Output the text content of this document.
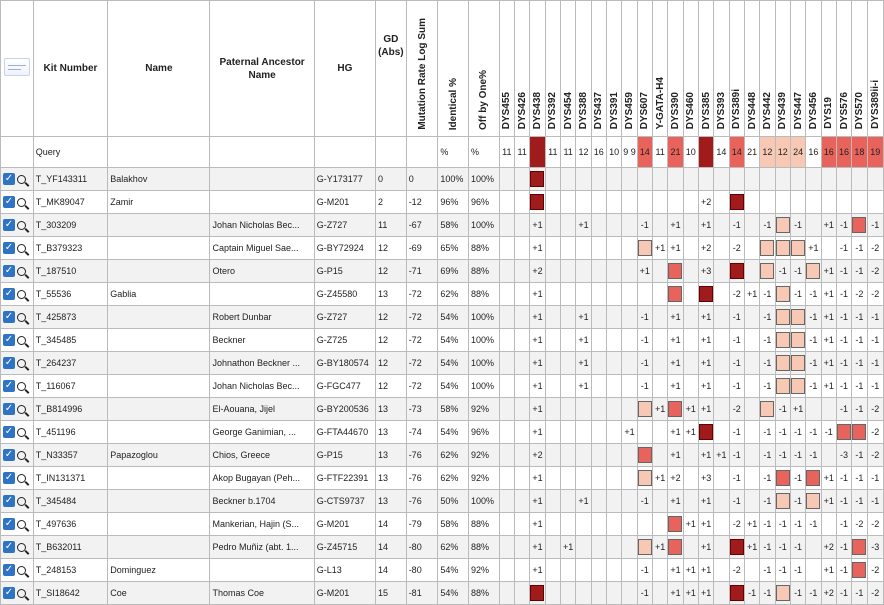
	Kit Number	Name	Paternal Ancestor Name	HG	GD (Abs)	Mutation Rate Log Sum	Identical %	Off by One%	DYS455	DYS426	DYS438	DYS392	DYS454	DYS388	DYS437	DYS391	DYS459	DYS607	Y-GATA-H4	DYS390	DYS460	DYS385	DYS393	DYS389i	DYS448	DYS442	DYS439	DYS447	DYS456	DYS19	DYS576	DYS570	DYS389ii-i
	Query						%	%	11	11		11	11	12	16	10	9 9	14	11	21	10		14	14	21	12	12	24	16	16	16	18	19
✓	T_YF143311	Balakhov		G-Y173177	0	0	100%	100%																									
✓	T_MK89047	Zamir		G-M201	2	-12	96%	96%														+2											
✓	T_303209		Johan Nicholas Bec...	G-Z727	11	-67	58%	100%			+1			+1				-1		+1		+1		-1		-1		-1		+1	-1		-1
✓	T_B379323		Captain Miguel Sae...	G-BY72924	12	-69	65%	88%			+1								+1	+1		+2		-2					+1		-1	-1	-2
✓	T_187510		Otero	G-P15	12	-71	69%	88%			+2							+1				+3					-1	-1		+1	-1	-1	-2
✓	T_55536	Gablia		G-Z45580	13	-72	62%	88%			+1													-2	+1	-1		-1	-1	+1	-1	-2	-2
✓	T_425873		Robert Dunbar	G-Z727	12	-72	54%	100%			+1			+1				-1		+1		+1		-1		-1			-1	+1	-1	-1	-1
✓	T_345485		Beckner	G-Z725	12	-72	54%	100%			+1			+1				-1		+1		+1		-1		-1			-1	+1	-1	-1	-1
✓	T_264237		Johnathon Beckner ...	G-BY180574	12	-72	54%	100%			+1			+1				-1		+1		+1		-1		-1			-1	+1	-1	-1	-1
✓	T_116067		Johan Nicholas Bec...	G-FGC477	12	-72	54%	100%			+1			+1				-1		+1		+1		-1		-1			-1	+1	-1	-1	-1
✓	T_B814996		El-Aouana, Jijel	G-BY200536	13	-73	58%	92%			+1								+1		+1	+1		-2			-1	+1			-1	-1	-2
✓	T_451196		George Ganimian, ...	G-FTA44670	13	-74	54%	96%			+1						+1			+1	+1			-1		-1	-1	-1	-1	-1			-2
✓	T_N33357	Papazoglou	Chios, Greece	G-P15	13	-76	62%	92%			+2									+1		+1	+1	-1		-1	-1	-1	-1		-3	-1	-2
✓	T_IN131371		Akop Bugayan (Peh...	G-FTF22391	13	-76	62%	92%			+1								+1	+2		+3		-1		-1		-1		+1	-1	-1	-1
✓	T_345484		Beckner b.1704	G-CTS9737	13	-76	50%	100%			+1			+1				-1		+1		+1		-1		-1		-1		+1	-1	-1	-1
✓	T_497636		Mankerian, Hajin (S...	G-M201	14	-79	58%	88%			+1										+1	+1		-2	+1	-1	-1	-1	-1		-1	-2	-2
✓	T_B632011		Pedro Muñiz (abt. 1...	G-Z45715	14	-80	62%	88%			+1		+1						+1			+1			+1	-1	-1	-1		+2	-1		-3
✓	T_248153	Dominguez		G-L13	14	-80	54%	92%			+1							-1		+1	+1	+1		-2		-1	-1	-1		+1	-1		-2
✓	T_SI18642	Coe	Thomas Coe	G-M201	15	-81	54%	88%										-1		+1	+1	+1			-1	-1		-1	-1	+2	-1	-1	-2
